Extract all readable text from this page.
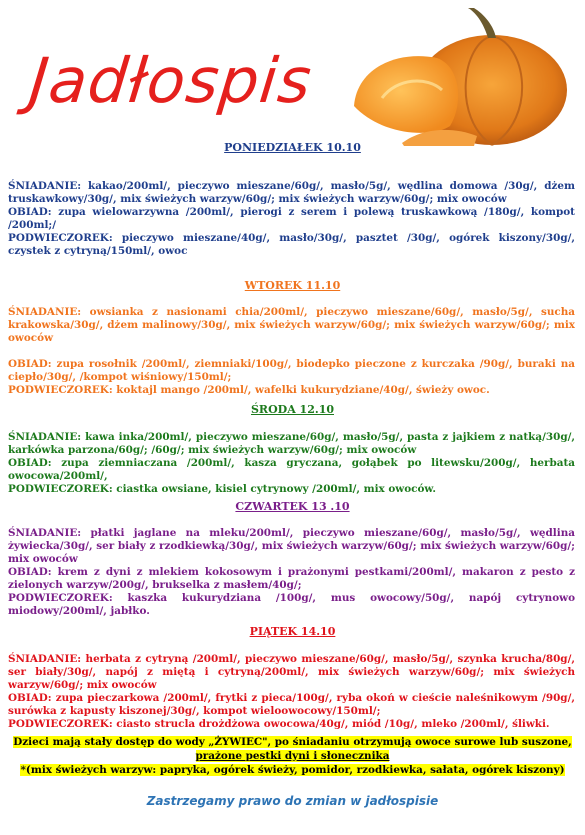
Jadłospis
PONIEDZIAŁEK 10.10

ŚNIADANIE: kakao/200ml/, pieczywo mieszane/60g/, masło/5g/, wędlina domowa /30g/, dżem truskawkowy/30g/, mix świeżych warzyw/60g/; mix świeżych warzyw/60g/; mix owoców

OBIAD: zupa wielowarzywna /200ml/, pierogi z serem i polewą truskawkową /180g/, kompot /200ml;/

PODWIECZOREK: pieczywo mieszane/40g/, masło/30g/, pasztet /30g/, ogórek kiszony/30g/, czystek z cytryną/150ml/, owoc

WTOREK 11.10

ŚNIADANIE: owsianka z nasionami chia/200ml/, pieczywo mieszane/60g/, masło/5g/, sucha krakowska/30g/, dżem malinowy/30g/, mix świeżych warzyw/60g/; mix świeżych warzyw/60g/; mix owoców

OBIAD: zupa rosołnik /200ml/, ziemniaki/100g/, biodерko pieczone z kurczaka /90g/, buraki na ciepło/30g/, /kompot wiśniowy/150ml/;

PODWIECZOREK: koktajl mango /200ml/, wafelki kukurydziane/40g/, świeży owoc.

ŚRODA 12.10

ŚNIADANIE: kawa inka/200ml/, pieczywo mieszane/60g/, masło/5g/, pasta z jajkiem z natką/30g/, karkówka parzona/60g/; /60g/; mix świeżych warzyw/60g/; mix owoców

OBIAD: zupa ziemniaczana /200ml/, kasza gryczana, gołąbek po litewsku/200g/, herbata owocowa/200ml/,

PODWIECZOREK: ciastka owsiane, kisiel cytrynowy /200ml/, mix owoców.

CZWARTEK 13 .10

ŚNIADANIE: płatki jaglane na mleku/200ml/, pieczywo mieszane/60g/, masło/5g/, wędlina żywiecka/30g/, ser biały z rzodkiewką/30g/, mix świeżych warzyw/60g/; mix świeżych warzyw/60g/; mix owoców

OBIAD: krem z dyni z mlekiem kokosowym i prażonymi pestkami/200ml/, makaron z pesto z zielonych warzyw/200g/, brukselka z masłem/40g/;

PODWIECZOREK: kaszka kukurydziana /100g/, mus owocowy/50g/, napój cytrynowo miodowy/200ml/, jabłko.

PIĄTEK 14.10

ŚNIADANIE: herbata z cytryną /200ml/, pieczywo mieszane/60g/, masło/5g/, szynka krucha/80g/, ser biały/30g/, napój z miętą i cytryną/200ml/, mix świeżych warzyw/60g/; mix świeżych warzyw/60g/; mix owoców

OBIAD: zupa pieczarkowa /200ml/, frytki z pieca/100g/, ryba okoń w cieście naleśnikowym /90g/, surówka z kapusty kiszonej/30g/, kompot wieloowocowy/150ml/;

PODWIECZOREK: ciasto strucla drożdżowa owocowa/40g/, miód /10g/, mleko /200ml/, śliwki.

Dzieci mają stały dostęp do wody „ŻYWIEC", po śniadaniu otrzymują owoce surowe lub suszone,
prażone pestki dyni i słonecznika
*(mix świeżych warzyw: papryka, ogórek świeży, pomidor, rzodkiewka, sałata, ogórek kiszony)
Zastrzegamy prawo do zmian w jadłospisie
